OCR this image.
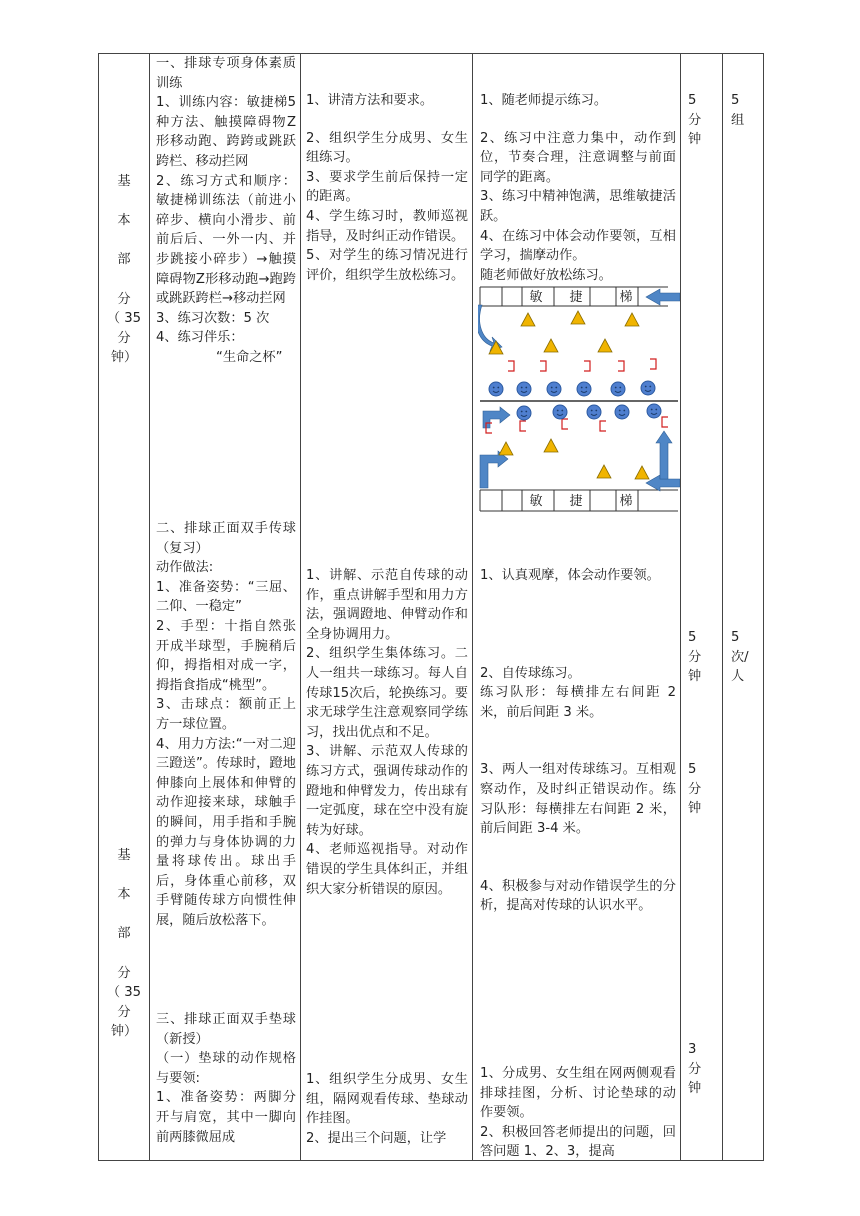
基

本

部

分
（ 35
分
钟）
基

本

部

分
（ 35
分
钟）

一、排球专项身体素质训练

1、训练内容：敏捷梯5种方法、触摸障碍物Z形移动跑、跨跨或跳跃跨栏、移动拦网

2、练习方式和顺序：敏捷梯训练法（前进小碎步、横向小滑步、前前后后、一外一内、并步跳接小碎步）→触摸障碍物Z形移动跑→跑跨或跳跃跨栏→移动拦网

3、练习次数：5 次

4、练习伴乐：

“生命之杯”

二、排球正面双手传球（复习）

动作做法:

1、准备姿势：“三屈、二仰、一稳定”

2、手型：十指自然张开成半球型，手腕稍后仰，拇指相对成一字，拇指食指成“桃型”。

3、击球点：额前正上方一球位置。

4、用力方法:“一对二迎三蹬送”。传球时，蹬地伸膝向上展体和伸臂的动作迎接来球，球触手的瞬间，用手指和手腕的弹力与身体协调的力量将球传出。球出手后，身体重心前移，双手臂随传球方向惯性伸展，随后放松落下。

三、排球正面双手垫球（新授）

（一）垫球的动作规格与要领:

1、准备姿势：两脚分开与肩宽，其中一脚向前两膝微屈成

1、讲清方法和要求。

2、组织学生分成男、女生组练习。

3、要求学生前后保持一定的距离。

4、学生练习时，教师巡视指导，及时纠正动作错误。

5、对学生的练习情况进行评价，组织学生放松练习。

1、讲解、示范自传球的动作，重点讲解手型和用力方法，强调蹬地、伸臂动作和全身协调用力。

2、组织学生集体练习。二人一组共一球练习。每人自传球15次后，轮换练习。要求无球学生注意观察同学练习，找出优点和不足。

3、讲解、示范双人传球的练习方式，强调传球动作的蹬地和伸臂发力，传出球有一定弧度，球在空中没有旋转为好球。

4、老师巡视指导。对动作错误的学生具体纠正，并组织大家分析错误的原因。

1、组织学生分成男、女生组，隔网观看传球、垫球动作挂图。

2、提出三个问题，让学

1、随老师提示练习。

2、练习中注意力集中，动作到位，节奏合理，注意调整与前面同学的距离。

3、练习中精神饱满，思维敏捷活跃。

4、在练习中体会动作要领，互相学习，揣摩动作。

随老师做好放松练习。

敏 捷	梯
敏 捷	梯

1、认真观摩，体会动作要领。

2、自传球练习。

练习队形：每横排左右间距 2 米，前后间距 3 米。

3、两人一组对传球练习。互相观察动作，及时纠正错误动作。练习队形：每横排左右间距 2 米，前后间距 3-4 米。

4、积极参与对动作错误学生的分析，提高对传球的认识水平。

1、分成男、女生组在网两侧观看排球挂图，分析、讨论垫球的动作要领。

2、积极回答老师提出的问题，回答问题 1、2、3，提高

5
分
钟
5
分
钟
5
分
钟
3
分
钟
5
组
5
次/
人
